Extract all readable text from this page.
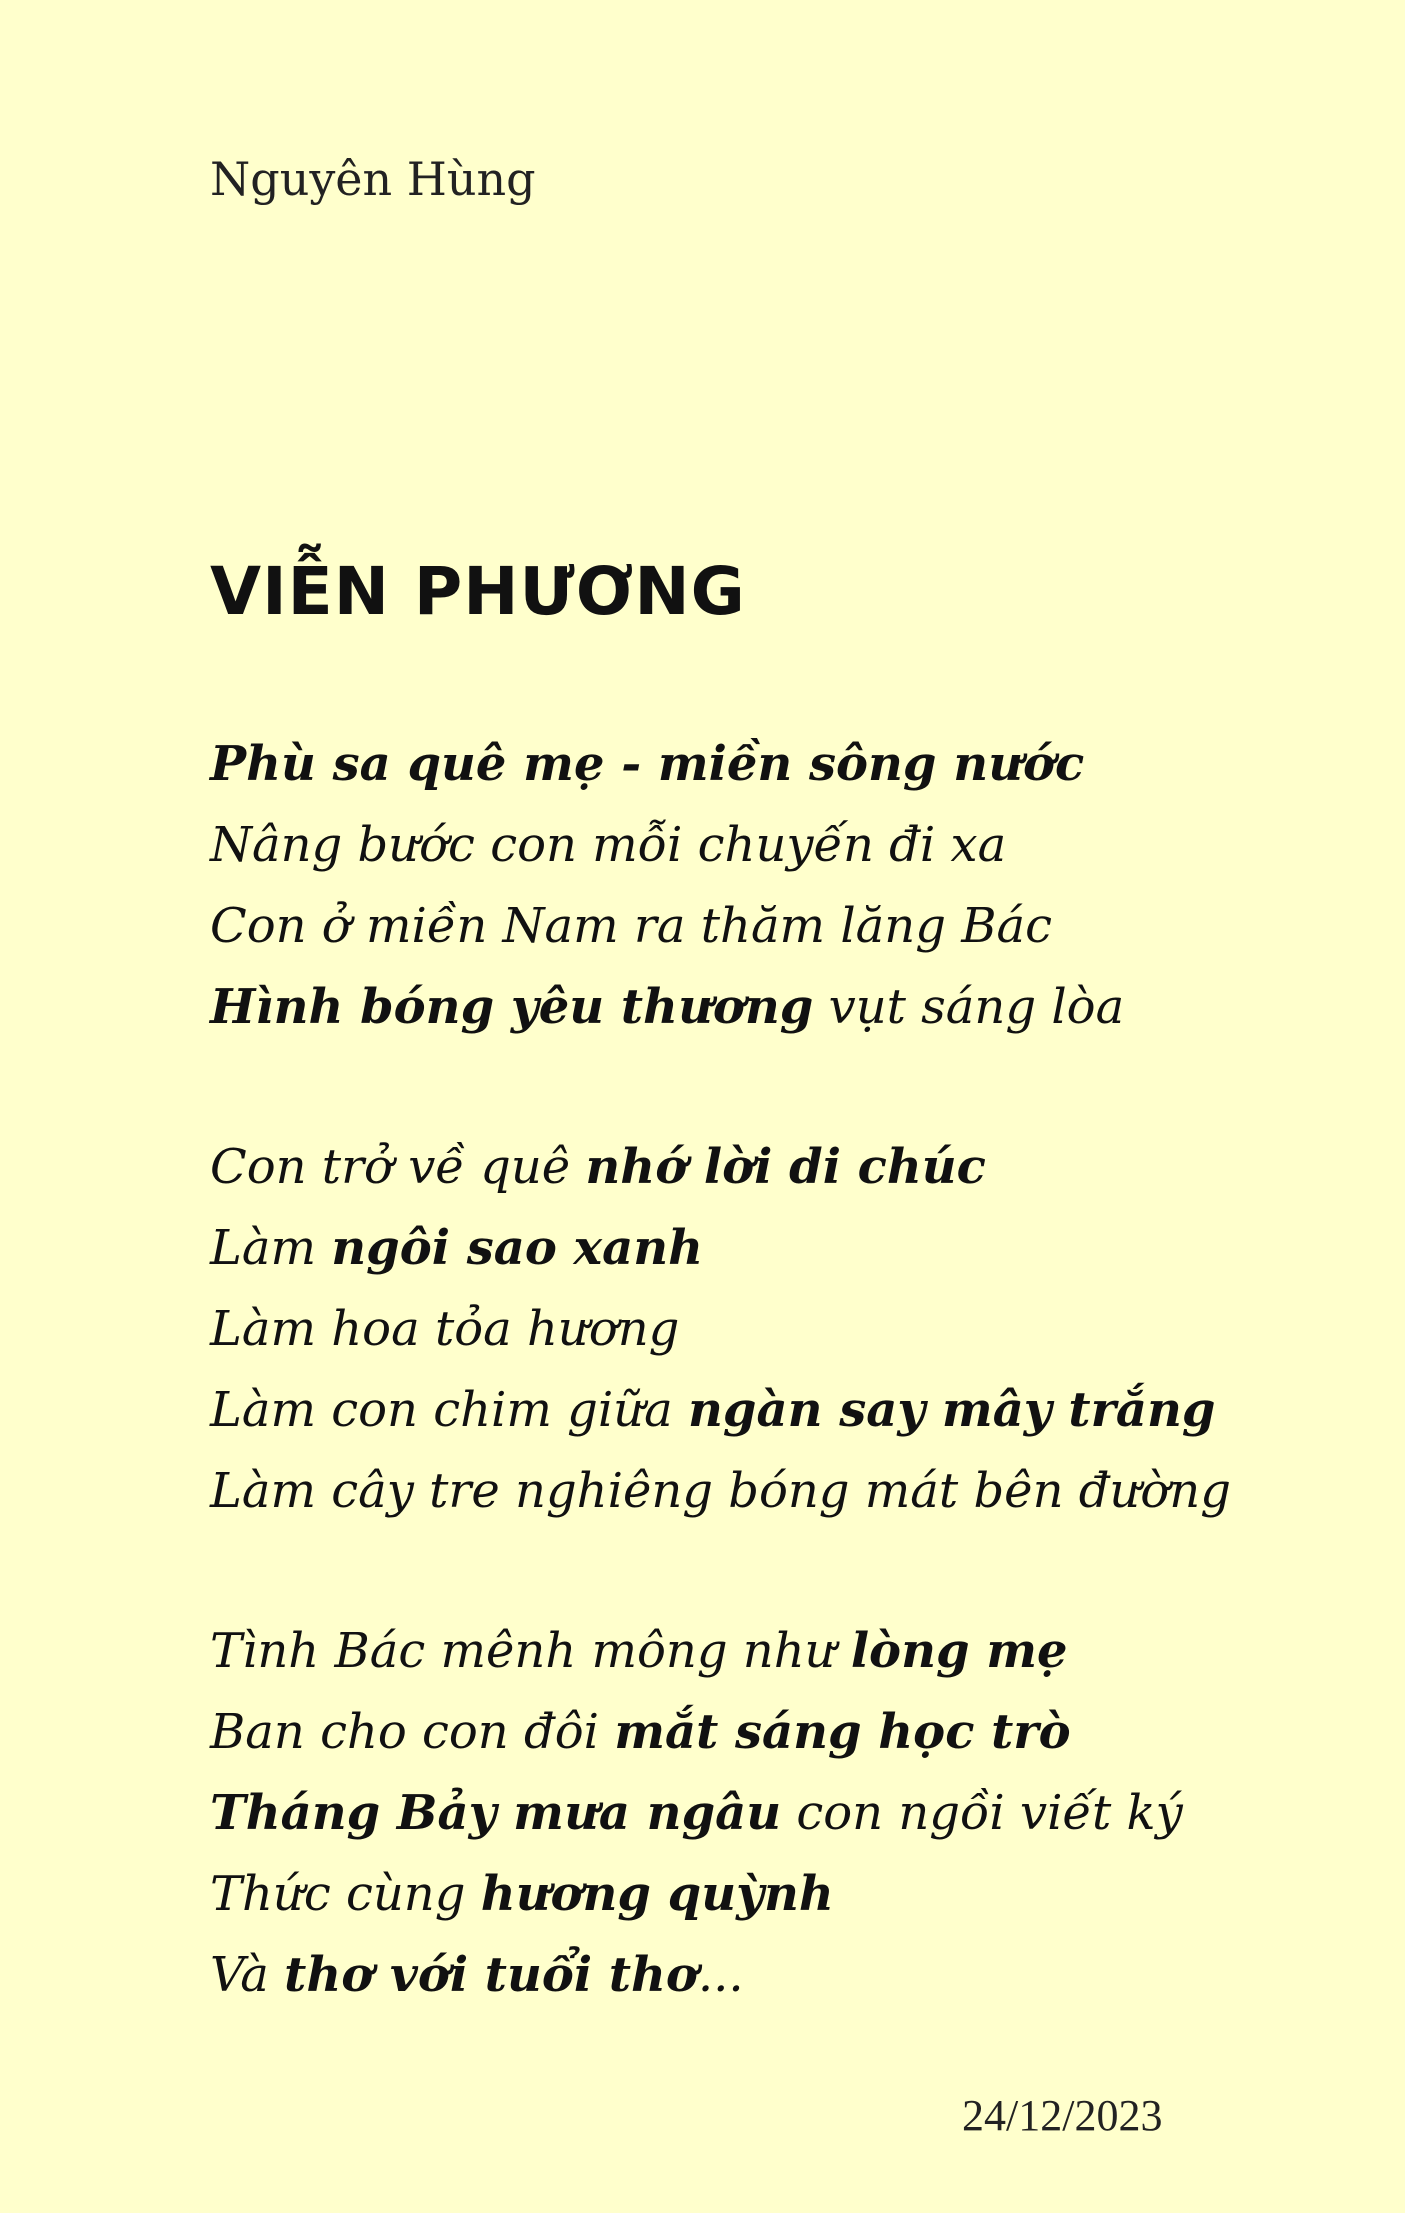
Nguyên Hùng
VIỄN PHƯƠNG
Phù sa quê mẹ - miền sông nước
Nâng bước con mỗi chuyến đi xa
Con ở miền Nam ra thăm lăng Bác
Hình bóng yêu thương vụt sáng lòa
Con trở về quê nhớ lời di chúc
Làm ngôi sao xanh
Làm hoa tỏa hương
Làm con chim giữa ngàn say mây trắng
Làm cây tre nghiêng bóng mát bên đường
Tình Bác mênh mông như lòng mẹ
Ban cho con đôi mắt sáng học trò
Tháng Bảy mưa ngâu con ngồi viết ký
Thức cùng hương quỳnh
Và thơ với tuổi thơ...
24/12/2023
